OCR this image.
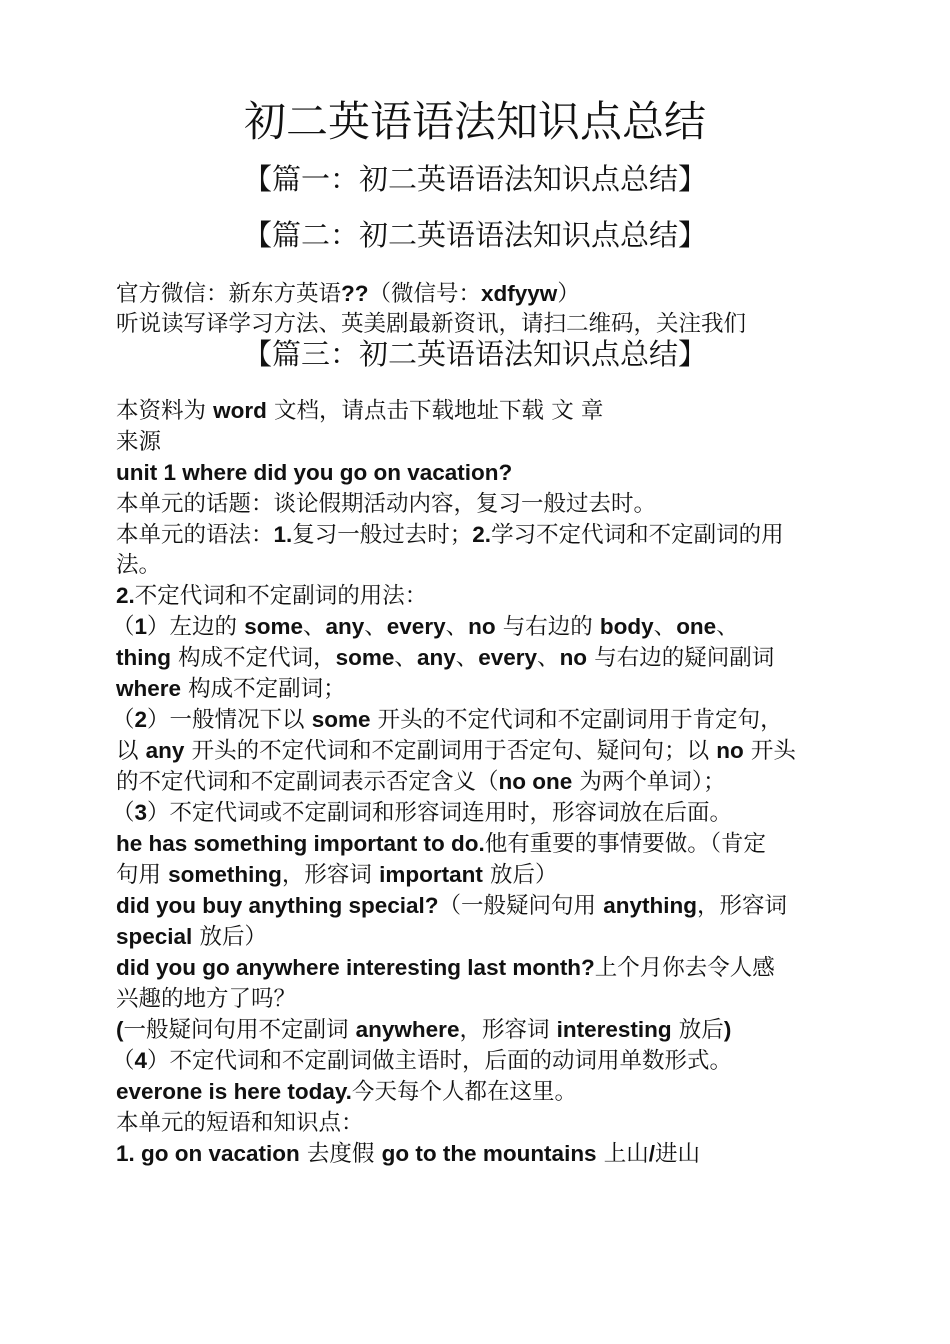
初二英语语法知识点总结
【篇一：初二英语语法知识点总结】
【篇二：初二英语语法知识点总结】
官方微信：新东方英语??（微信号：xdfyyw）
听说读写译学习方法、英美剧最新资讯，请扫二维码，关注我们
【篇三：初二英语语法知识点总结】
本资料为 word 文档，请点击下载地址下载 文 章
来源
unit 1 where did you go on vacation?
本单元的话题：谈论假期活动内容，复习一般过去时。
本单元的语法：1.复习一般过去时；2.学习不定代词和不定副词的用
法。
2.不定代词和不定副词的用法：
（1）左边的 some、any、every、no 与右边的 body、one、
thing 构成不定代词，some、any、every、no 与右边的疑问副词
where 构成不定副词；
（2）一般情况下以 some 开头的不定代词和不定副词用于肯定句，
以 any 开头的不定代词和不定副词用于否定句、疑问句；以 no 开头
的不定代词和不定副词表示否定含义（no one 为两个单词）；
（3）不定代词或不定副词和形容词连用时，形容词放在后面。
he has something important to do.他有重要的事情要做。（肯定
句用 something，形容词 important 放后）
did you buy anything special?（一般疑问句用 anything，形容词
special 放后）
did you go anywhere interesting last month?上个月你去令人感
兴趣的地方了吗？
(一般疑问句用不定副词 anywhere，形容词 interesting 放后)
（4）不定代词和不定副词做主语时，后面的动词用单数形式。
everone is here today.今天每个人都在这里。
本单元的短语和知识点：
1. go on vacation 去度假 go to the mountains 上山/进山
